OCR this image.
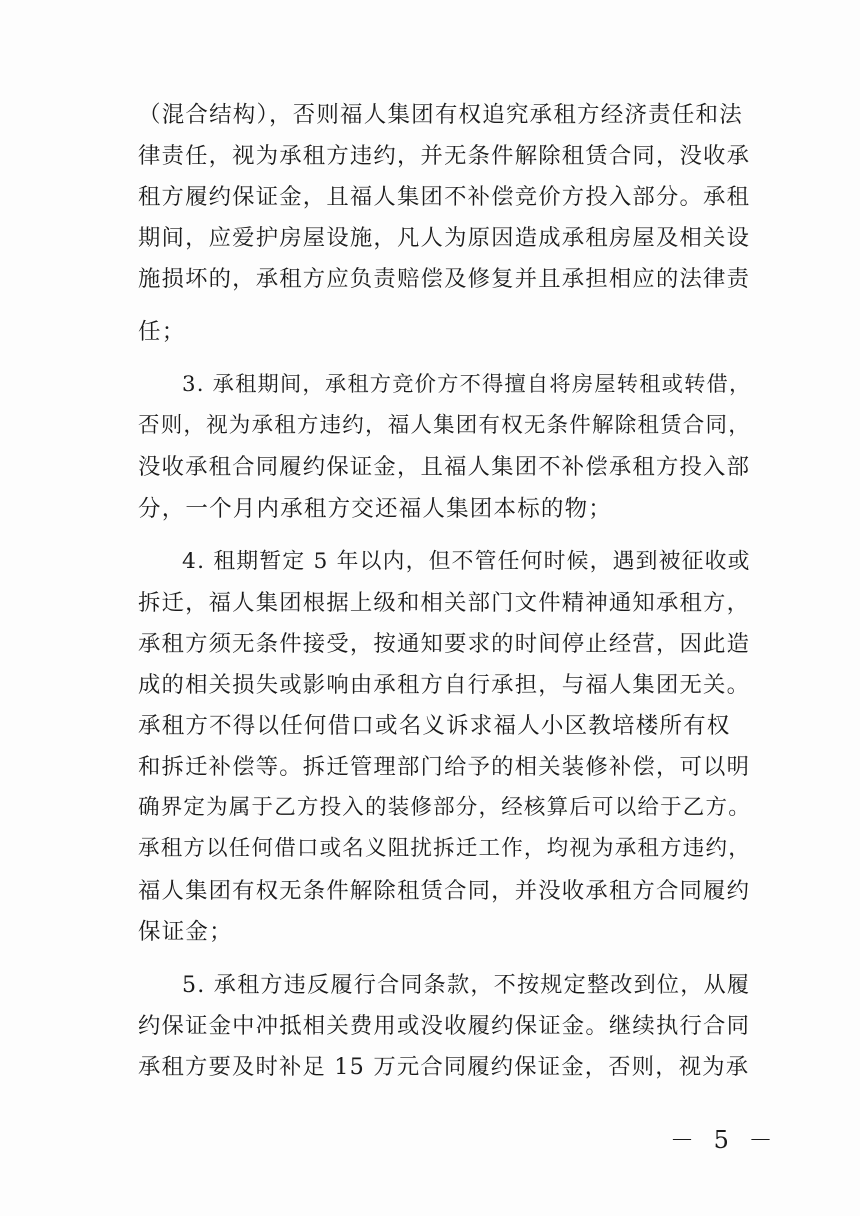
（混合结构），否则福人集团有权追究承租方经济责任和法
律责任，视为承租方违约，并无条件解除租赁合同，没收承
租方履约保证金，且福人集团不补偿竞价方投入部分。承租
期间，应爱护房屋设施，凡人为原因造成承租房屋及相关设
施损坏的，承租方应负责赔偿及修复并且承担相应的法律责
任；
3. 承租期间，承租方竞价方不得擅自将房屋转租或转借，
否则，视为承租方违约，福人集团有权无条件解除租赁合同，
没收承租合同履约保证金，且福人集团不补偿承租方投入部
分，一个月内承租方交还福人集团本标的物；
4. 租期暂定 5 年以内，但不管任何时候，遇到被征收或
拆迁，福人集团根据上级和相关部门文件精神通知承租方，
承租方须无条件接受，按通知要求的时间停止经营，因此造
成的相关损失或影响由承租方自行承担，与福人集团无关。
承租方不得以任何借口或名义诉求福人小区教培楼所有权
和拆迁补偿等。拆迁管理部门给予的相关装修补偿，可以明
确界定为属于乙方投入的装修部分，经核算后可以给于乙方。
承租方以任何借口或名义阻扰拆迁工作，均视为承租方违约，
福人集团有权无条件解除租赁合同，并没收承租方合同履约
保证金；
5. 承租方违反履行合同条款，不按规定整改到位，从履
约保证金中冲抵相关费用或没收履约保证金。继续执行合同
承租方要及时补足 15 万元合同履约保证金，否则，视为承
－ 5 －
